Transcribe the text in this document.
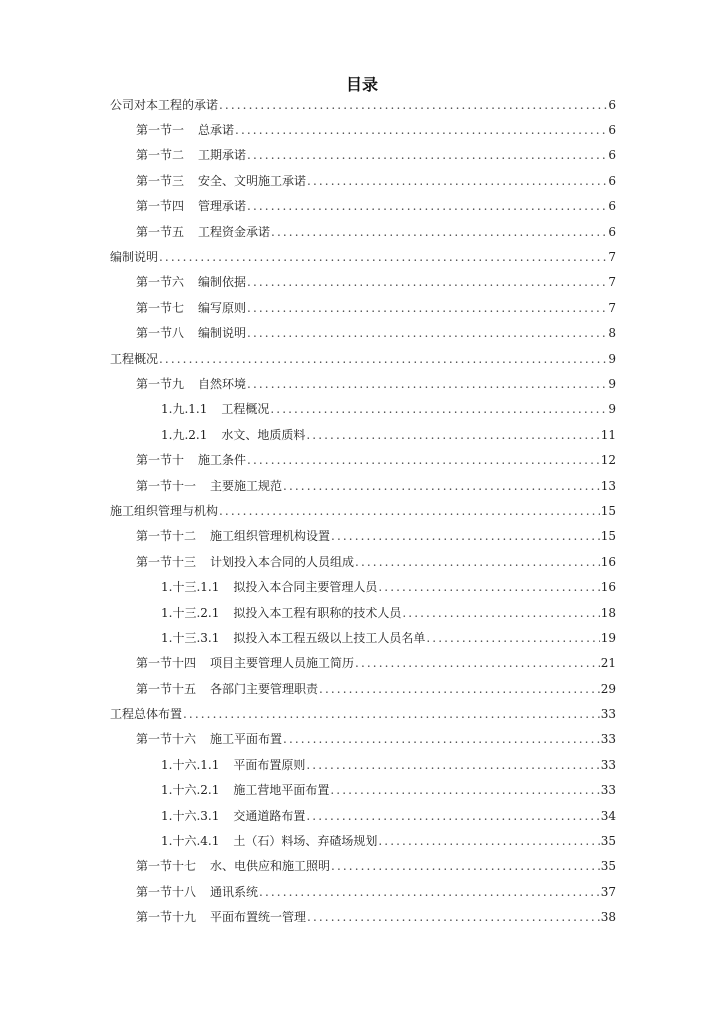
目录
公司对本工程的承诺 .....	6
第一节一 总承诺 .....	6
第一节二 工期承诺 .....	6
第一节三 安全、文明施工承诺 .....	6
第一节四 管理承诺 .....	6
第一节五 工程资金承诺 .....	6
编制说明 .....	7
第一节六 编制依据 .....	7
第一节七 编写原则 .....	7
第一节八 编制说明 .....	8
工程概况 .....	9
第一节九 自然环境 .....	9
1.九.1.1 工程概况 .....	9
1.九.2.1 水文、地质质料 .....	11
第一节十 施工条件 .....	12
第一节十一 主要施工规范 .....	13
施工组织管理与机构 .....	15
第一节十二 施工组织管理机构设置 .....	15
第一节十三 计划投入本合同的人员组成 .....	16
1.十三.1.1 拟投入本合同主要管理人员 .....	16
1.十三.2.1 拟投入本工程有职称的技术人员 .....	18
1.十三.3.1 拟投入本工程五级以上技工人员名单 .....	19
第一节十四 项目主要管理人员施工简历 .....	21
第一节十五 各部门主要管理职责 .....	29
工程总体布置 .....	33
第一节十六 施工平面布置 .....	33
1.十六.1.1 平面布置原则 .....	33
1.十六.2.1 施工营地平面布置 .....	33
1.十六.3.1 交通道路布置 .....	34
1.十六.4.1 土（石）料场、弃碴场规划 .....	35
第一节十七 水、电供应和施工照明 .....	35
第一节十八 通讯系统 .....	37
第一节十九 平面布置统一管理 .....	38
